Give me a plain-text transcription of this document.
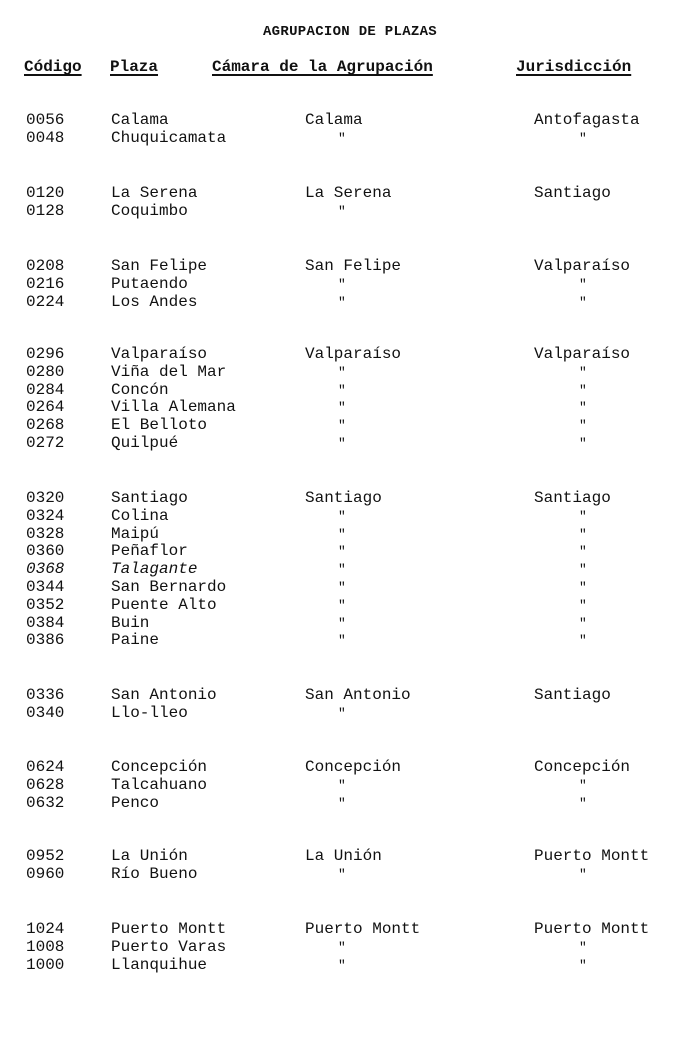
AGRUPACION DE PLAZAS
Código Plaza	Cámara de la Agrupación	Jurisdicción
0056	Calama	Calama	Antofagasta
0048	Chuquicamata	"	"
0120	La Serena	La Serena	Santiago
0128	Coquimbo	"
0208	San Felipe	San Felipe	Valparaíso
0216	Putaendo	"	"
0224	Los Andes	"	"
0296	Valparaíso	Valparaíso	Valparaíso
0280	Viña del Mar	"	"
0284	Concón	"	"
0264	Villa Alemana	"	"
0268	El Belloto	"	"
0272	Quilpué	"	"
0320	Santiago	Santiago	Santiago
0324	Colina	"	"
0328	Maipú	"	"
0360	Peñaflor	"	"
0368	Talagante	"	"
0344	San Bernardo	"	"
0352	Puente Alto	"	"
0384	Buin	"	"
0386	Paine	"	"
0336	San Antonio	San Antonio	Santiago
0340	Llo-lleo	"
0624	Concepción	Concepción	Concepción
0628	Talcahuano	"	"
0632	Penco	"	"
0952	La Unión	La Unión	Puerto Montt
0960	Río Bueno	"	"
1024	Puerto Montt	Puerto Montt	Puerto Montt
1008	Puerto Varas	"	"
1000	Llanquihue	"	"
